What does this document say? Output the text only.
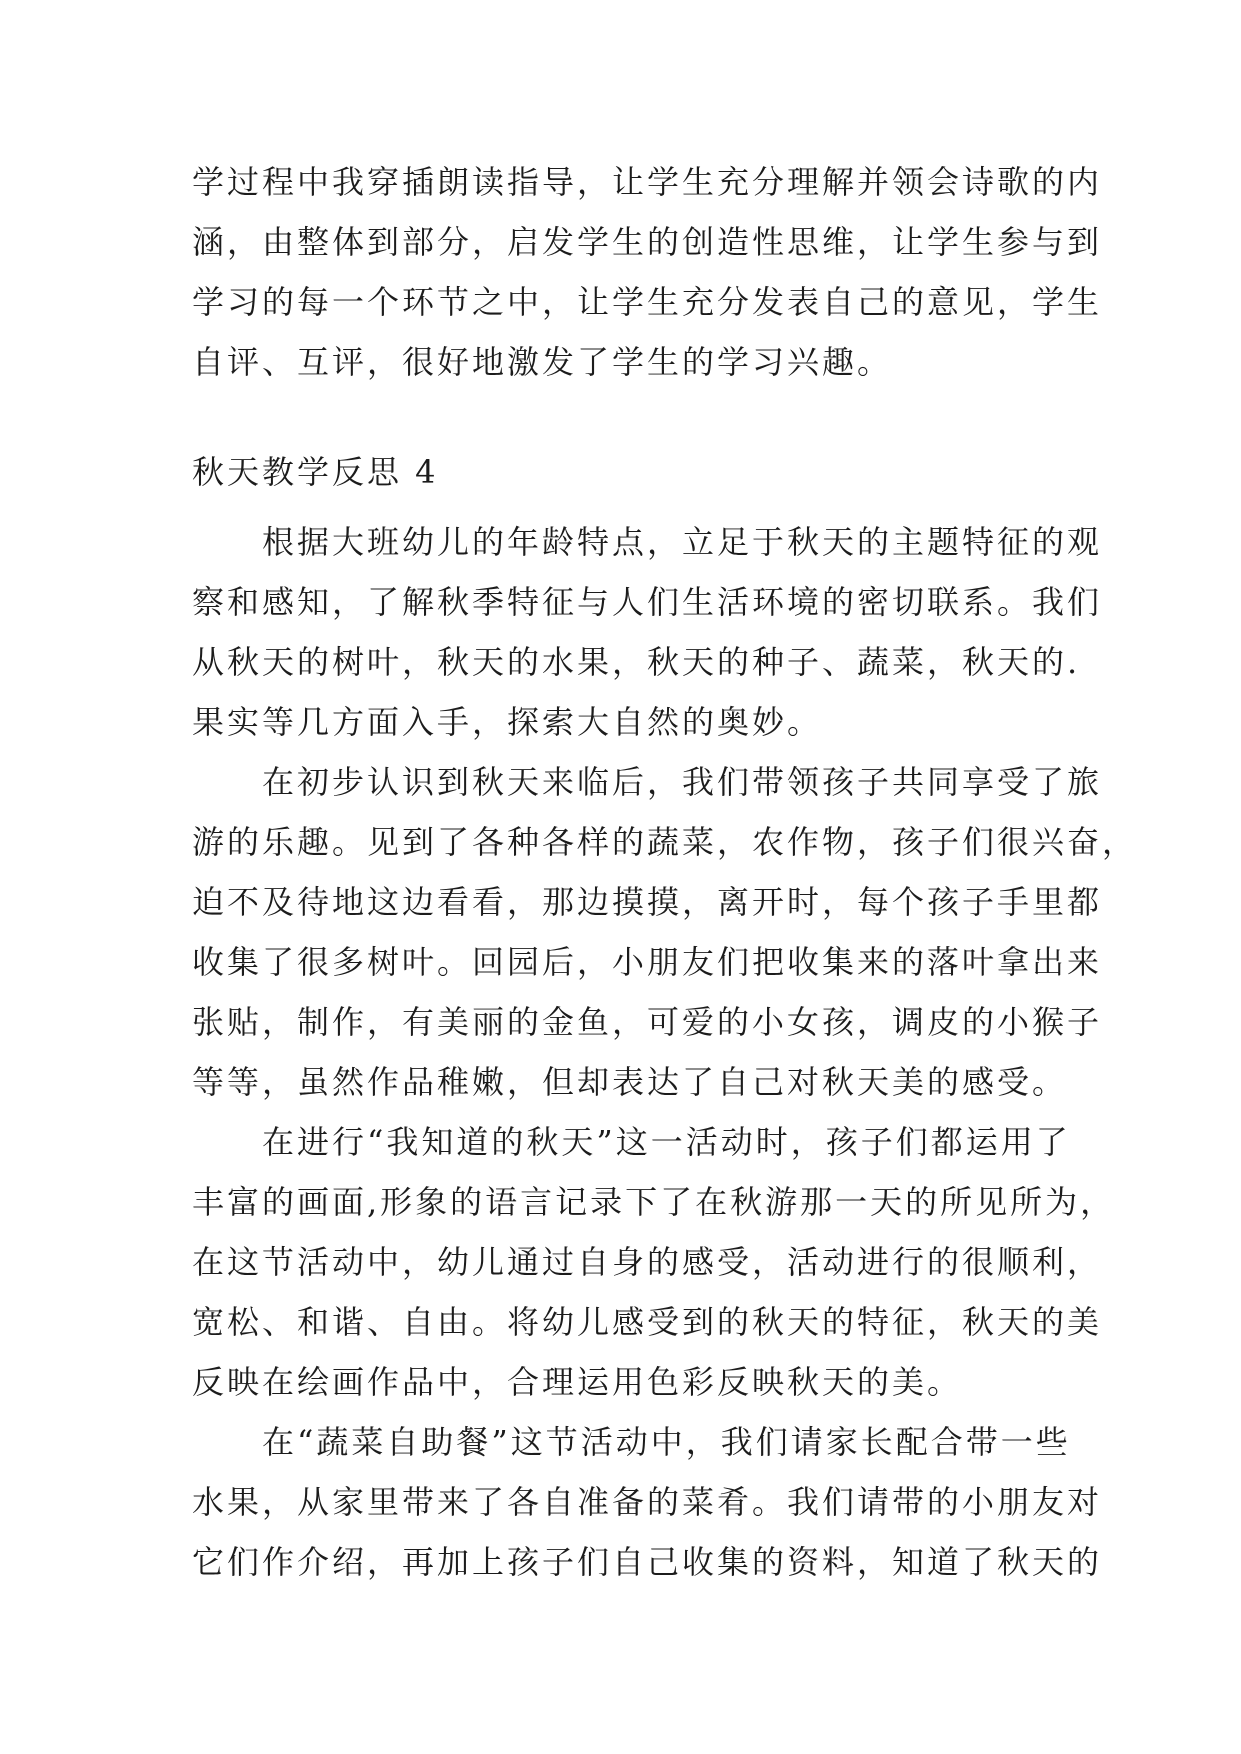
学过程中我穿插朗读指导，让学生充分理解并领会诗歌的内
涵，由整体到部分，启发学生的创造性思维，让学生参与到
学习的每一个环节之中，让学生充分发表自己的意见，学生
自评、互评，很好地激发了学生的学习兴趣。
秋天教学反思 4
　　根据大班幼儿的年龄特点，立足于秋天的主题特征的观
察和感知，了解秋季特征与人们生活环境的密切联系。我们
从秋天的树叶，秋天的水果，秋天的种子、蔬菜，秋天的.
果实等几方面入手，探索大自然的奥妙。
　　在初步认识到秋天来临后，我们带领孩子共同享受了旅
游的乐趣。见到了各种各样的蔬菜，农作物，孩子们很兴奋，
迫不及待地这边看看，那边摸摸，离开时，每个孩子手里都
收集了很多树叶。回园后，小朋友们把收集来的落叶拿出来
张贴，制作，有美丽的金鱼，可爱的小女孩，调皮的小猴子
等等，虽然作品稚嫩，但却表达了自己对秋天美的感受。
　　在进行“我知道的秋天”这一活动时，孩子们都运用了
丰富的画面,形象的语言记录下了在秋游那一天的所见所为，
在这节活动中，幼儿通过自身的感受，活动进行的很顺利，
宽松、和谐、自由。将幼儿感受到的秋天的特征，秋天的美
反映在绘画作品中，合理运用色彩反映秋天的美。
　　在“蔬菜自助餐”这节活动中，我们请家长配合带一些
水果，从家里带来了各自准备的菜肴。我们请带的小朋友对
它们作介绍，再加上孩子们自己收集的资料，知道了秋天的
